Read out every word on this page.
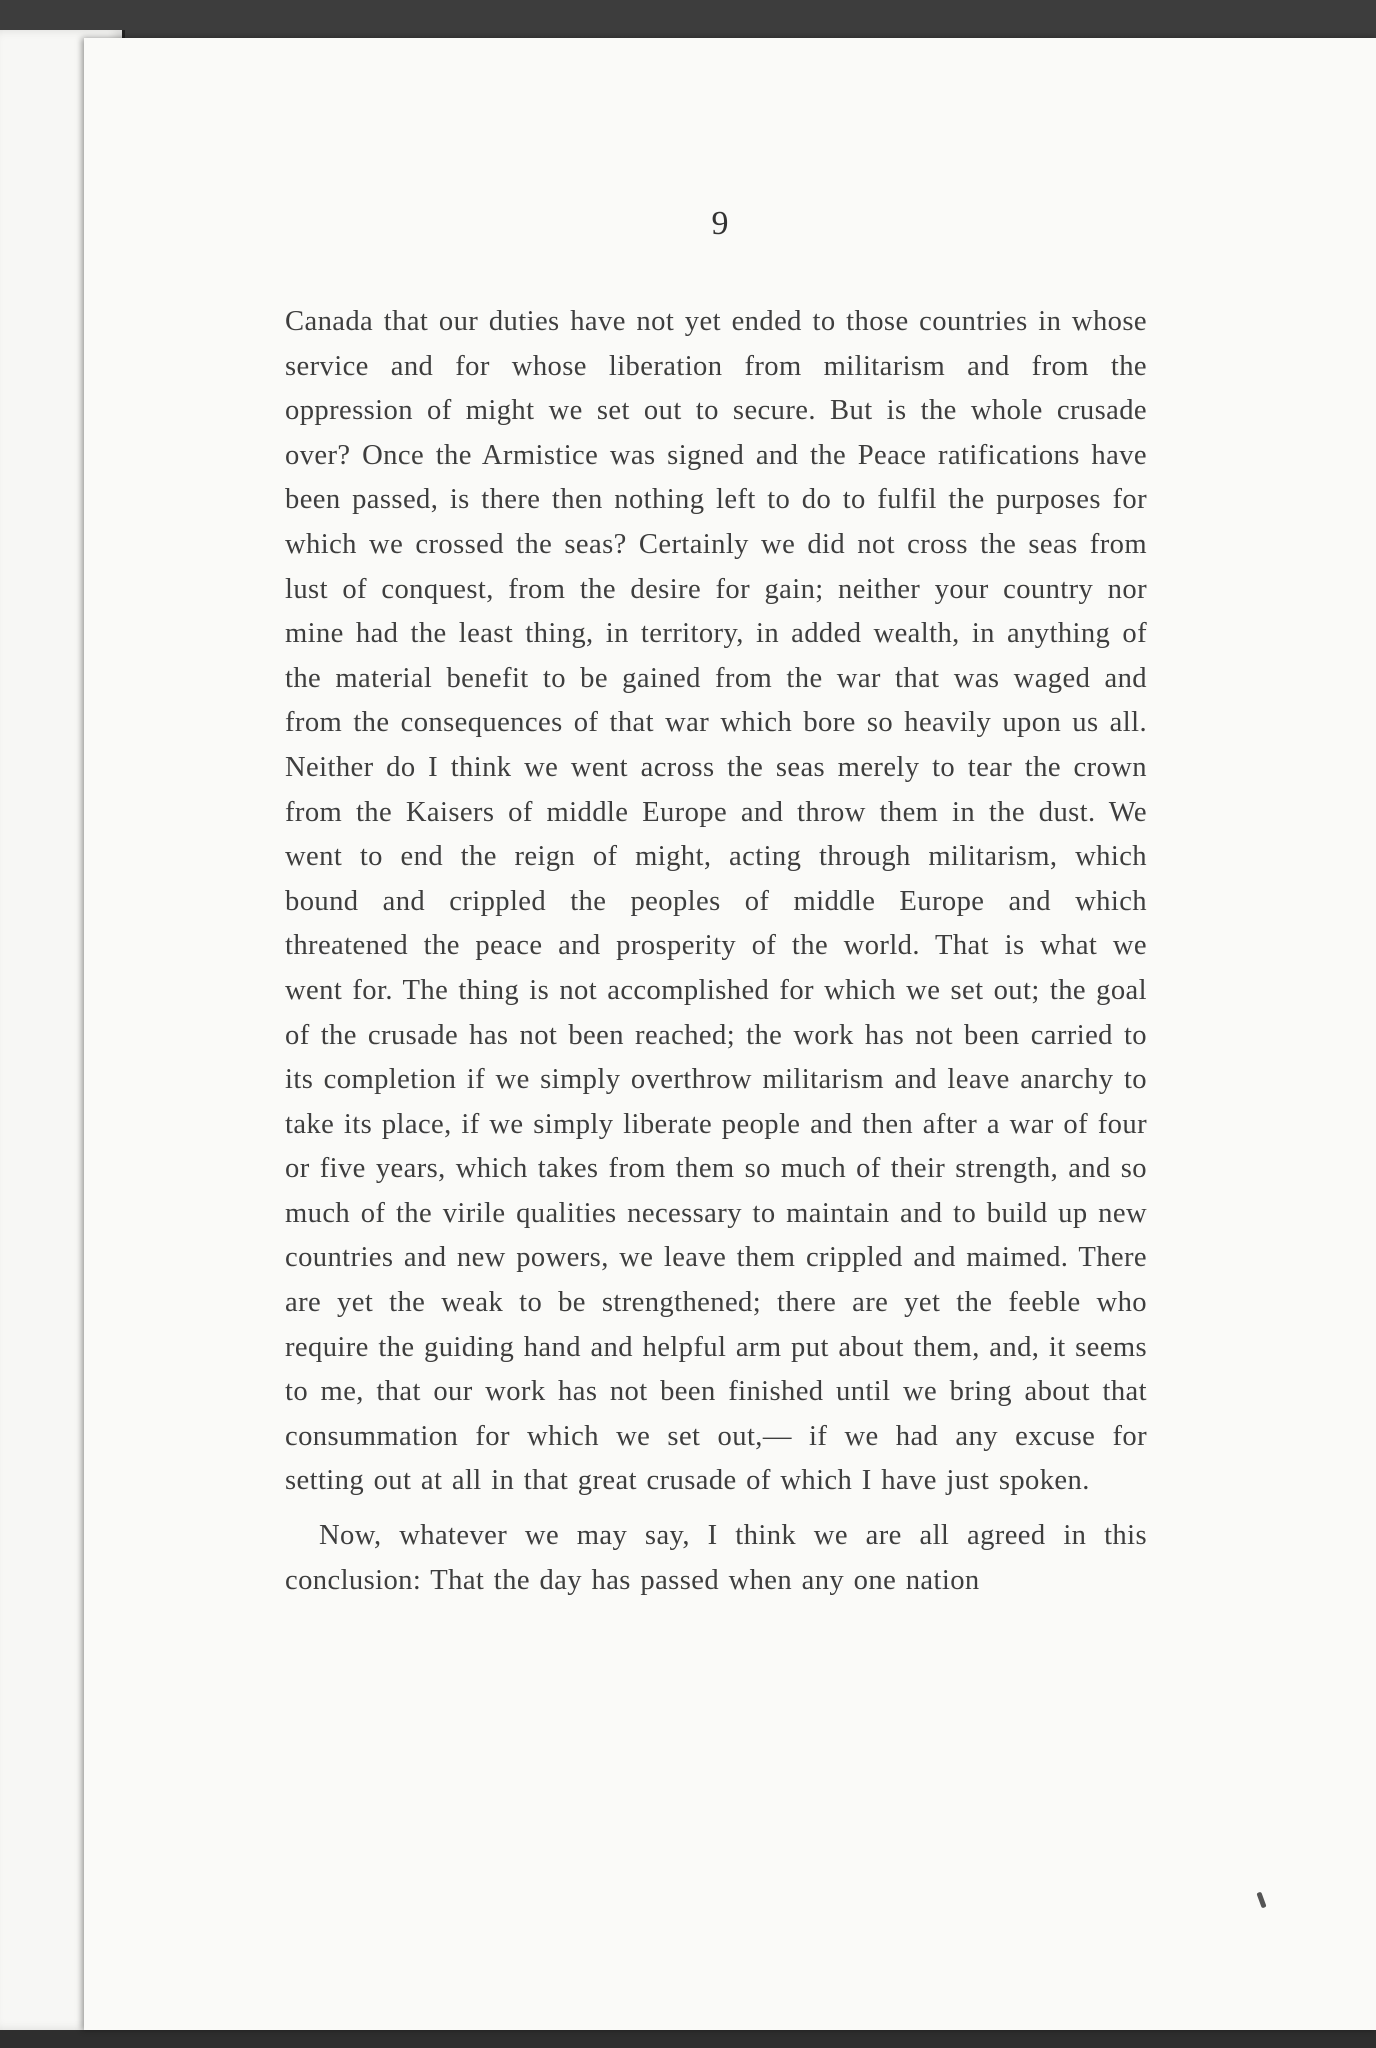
9

Canada that our duties have not yet ended to those countries in whose service and for whose liberation from militarism and from the oppression of might we set out to secure. But is the whole crusade over? Once the Armistice was signed and the Peace ratifications have been passed, is there then nothing left to do to fulfil the purposes for which we crossed the seas? Certainly we did not cross the seas from lust of conquest, from the desire for gain; neither your country nor mine had the least thing, in territory, in added wealth, in anything of the material benefit to be gained from the war that was waged and from the consequences of that war which bore so heavily upon us all. Neither do I think we went across the seas merely to tear the crown from the Kaisers of middle Europe and throw them in the dust. We went to end the reign of might, acting through militarism, which bound and crippled the peoples of middle Europe and which threatened the peace and prosperity of the world. That is what we went for. The thing is not accomplished for which we set out; the goal of the crusade has not been reached; the work has not been carried to its completion if we simply overthrow militarism and leave anarchy to take its place, if we simply liberate people and then after a war of four or five years, which takes from them so much of their strength, and so much of the virile qualities necessary to maintain and to build up new countries and new powers, we leave them crippled and maimed. There are yet the weak to be strengthened; there are yet the feeble who require the guiding hand and helpful arm put about them, and, it seems to me, that our work has not been finished until we bring about that consummation for which we set out,— if we had any excuse for setting out at all in that great crusade of which I have just spoken.

Now, whatever we may say, I think we are all agreed in this conclusion: That the day has passed when any one nation
